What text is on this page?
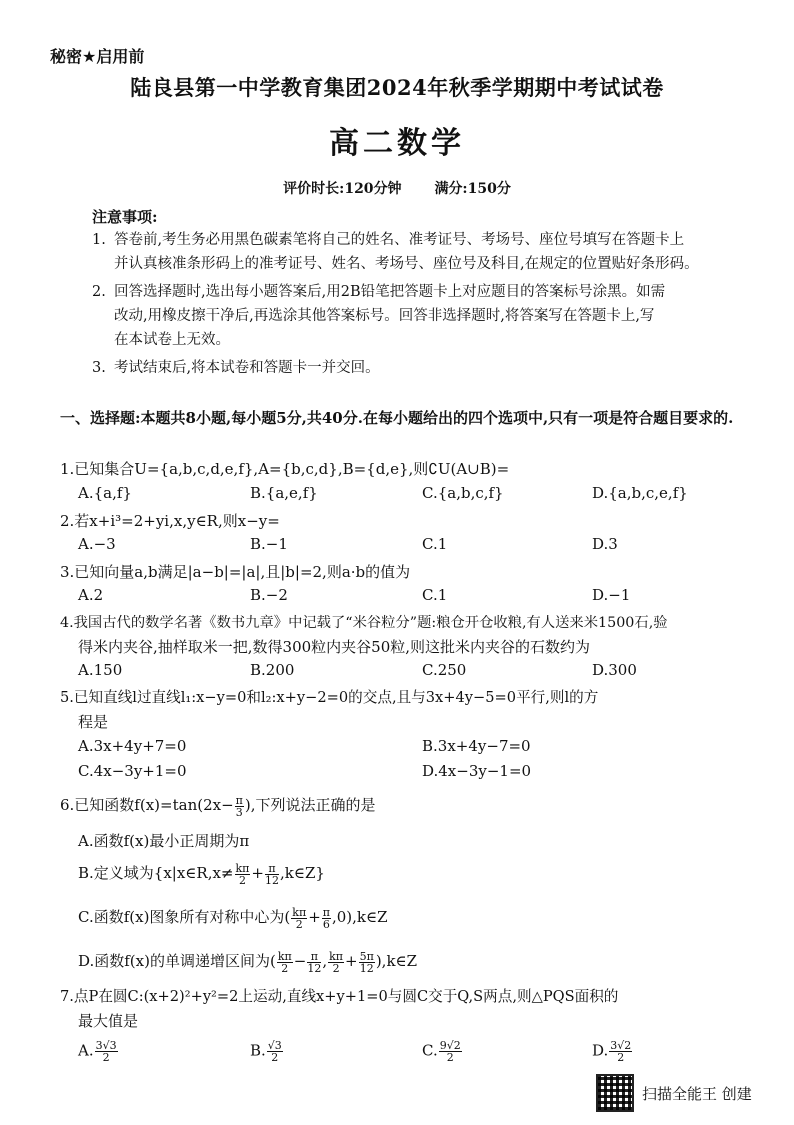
秘密★启用前
陆良县第一中学教育集团2024年秋季学期期中考试试卷
高二数学
评价时长:120分钟 满分:150分
注意事项:
1. 答卷前,考生务必用黑色碳素笔将自己的姓名、准考证号、考场号、座位号填写在答题卡上
并认真核准条形码上的准考证号、姓名、考场号、座位号及科目,在规定的位置贴好条形码。
2. 回答选择题时,选出每小题答案后,用2B铅笔把答题卡上对应题目的答案标号涂黑。如需
改动,用橡皮擦干净后,再选涂其他答案标号。回答非选择题时,将答案写在答题卡上,写
在本试卷上无效。
3. 考试结束后,将本试卷和答题卡一并交回。
一、选择题:本题共8小题,每小题5分,共40分.在每小题给出的四个选项中,只有一项是符合题目要求的.
1.已知集合U={a,b,c,d,e,f},A={b,c,d},B={d,e},则∁U(A∪B)=
A.{a,f}	B.{a,e,f}	C.{a,b,c,f}	D.{a,b,c,e,f}
2.若x+i³=2+yi,x,y∈R,则x−y=
A.−3	B.−1	C.1	D.3
3.已知向量a,b满足|a−b|=|a|,且|b|=2,则a·b的值为
A.2	B.−2	C.1	D.−1
4.我国古代的数学名著《数书九章》中记载了“米谷粒分”题:粮仓开仓收粮,有人送来米1500石,验
得米内夹谷,抽样取米一把,数得300粒内夹谷50粒,则这批米内夹谷的石数约为
A.150	B.200	C.250	D.300
5.已知直线l过直线l₁:x−y=0和l₂:x+y−2=0的交点,且与3x+4y−5=0平行,则l的方
程是
A.3x+4y+7=0	B.3x+4y−7=0
C.4x−3y+1=0	D.4x−3y−1=0
6.已知函数$f(x)=\tan(2x- \frac{\pi}{3}$ ),下列说法正确的是
A.函数f(x)最小正周期为π
B.定义域为{x|x∈R,x≠ $\frac{k\pi}{2} + \frac{\pi}{12}$ ,k∈Z}
C.函数f(x)图象所有对称中心为( $\frac{k\pi}{2} + \frac{\pi}{6}$ ,0),k∈Z
D.函数f(x)的单调递增区间为( $\frac{k\pi}{2} - \frac{\pi}{12}$ , $\frac{k\pi}{2} + \frac{5\pi}{12}$ ),k∈Z
7.点P在圆C:(x+2)²+y²=2上运动,直线x+y+1=0与圆C交于Q,S两点,则△PQS面积的
最大值是
A. $\frac{3√3}{2}$	B. $\frac{√3}{2}$	C. $\frac{9√2}{2}$	D. $\frac{3√2}{2}$
扫描全能王 创建
